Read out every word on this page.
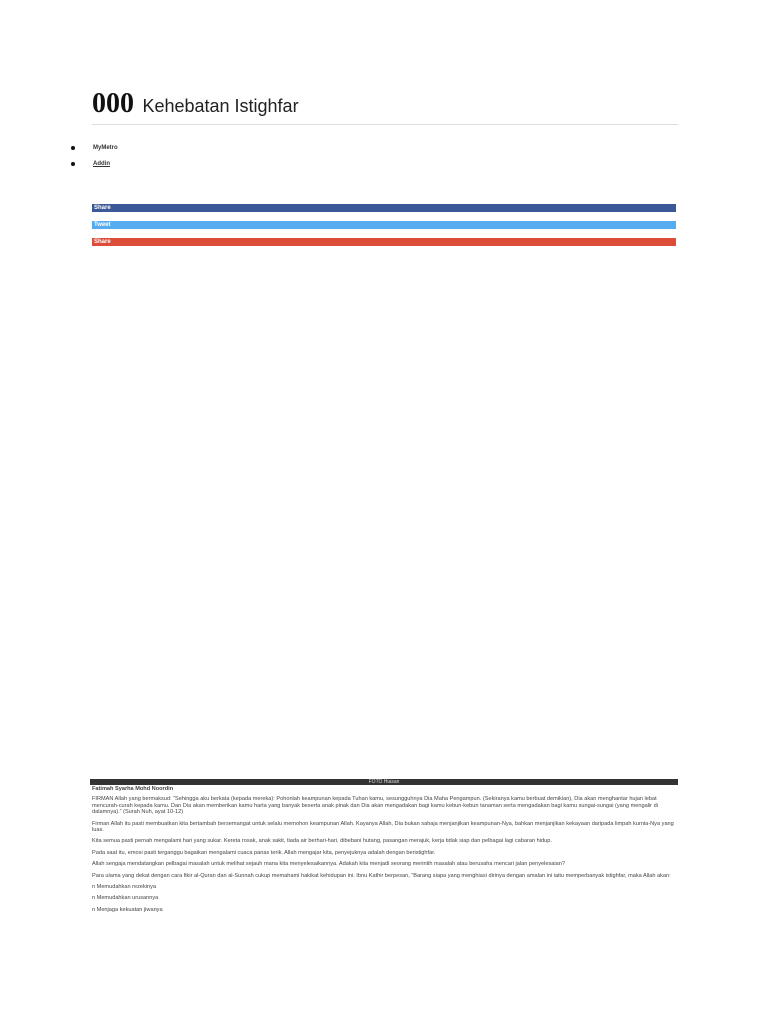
000 Kehebatan Istighfar
MyMetro
Addin
Share
Tweet
Share
FOTO Hiasan

Fatimah Syarha Mohd Noordin

FIRMAN Allah yang bermaksud: “Sehingga aku berkata (kepada mereka): Pohonlah keampunan kepada Tuhan kamu, sesungguhnya Dia Maha Pengampun. (Sekiranya kamu berbuat demikian), Dia akan menghantar hujan lebat mencurah-curah kepada kamu. Dan Dia akan memberikan kamu harta yang banyak beserta anak pinak dan Dia akan mengadakan bagi kamu kebun-kebun tanaman serta mengadakan bagi kamu sungai-sungai (yang mengalir di dalamnya).” (Surah Nuh, ayat 10-12)

Firman Allah itu pasti membuatkan kita bertambah bersemangat untuk selalu memohon keampunan Allah. Kayanya Allah, Dia bukan sahaja menjanjikan keampunan-Nya, bahkan menjanjikan kekayaan daripada limpah kurnia-Nya yang luas.

Kita semua pasti pernah mengalami hari yang sukar. Kereta rosak, anak sakit, tiada air berhari-hari, dibebani hutang, pasangan merajuk, kerja tidak siap dan pelbagai lagi cabaran hidup.

Pada saat itu, emosi pasti terganggu bagaikan mengalami cuaca panas terik. Allah mengajar kita, penyejuknya adalah dengan beristighfar.

Allah sengaja mendatangkan pelbagai masalah untuk melihat sejauh mana kita menyelesaikannya. Adakah kita menjadi seorang merintih masalah atau berusaha mencari jalan penyelesaian?

Para ulama yang dekat dengan cara fikir al-Quran dan al-Sunnah cukup memahami hakikat kehidupan ini. Ibnu Kathir berpesan, “Barang siapa yang menghiasi dirinya dengan amalan ini iaitu memperbanyak istighfar, maka Allah akan:

n Memudahkan rezekinya

n Memudahkan urusannya

n Menjaga kekuatan jiwanya
